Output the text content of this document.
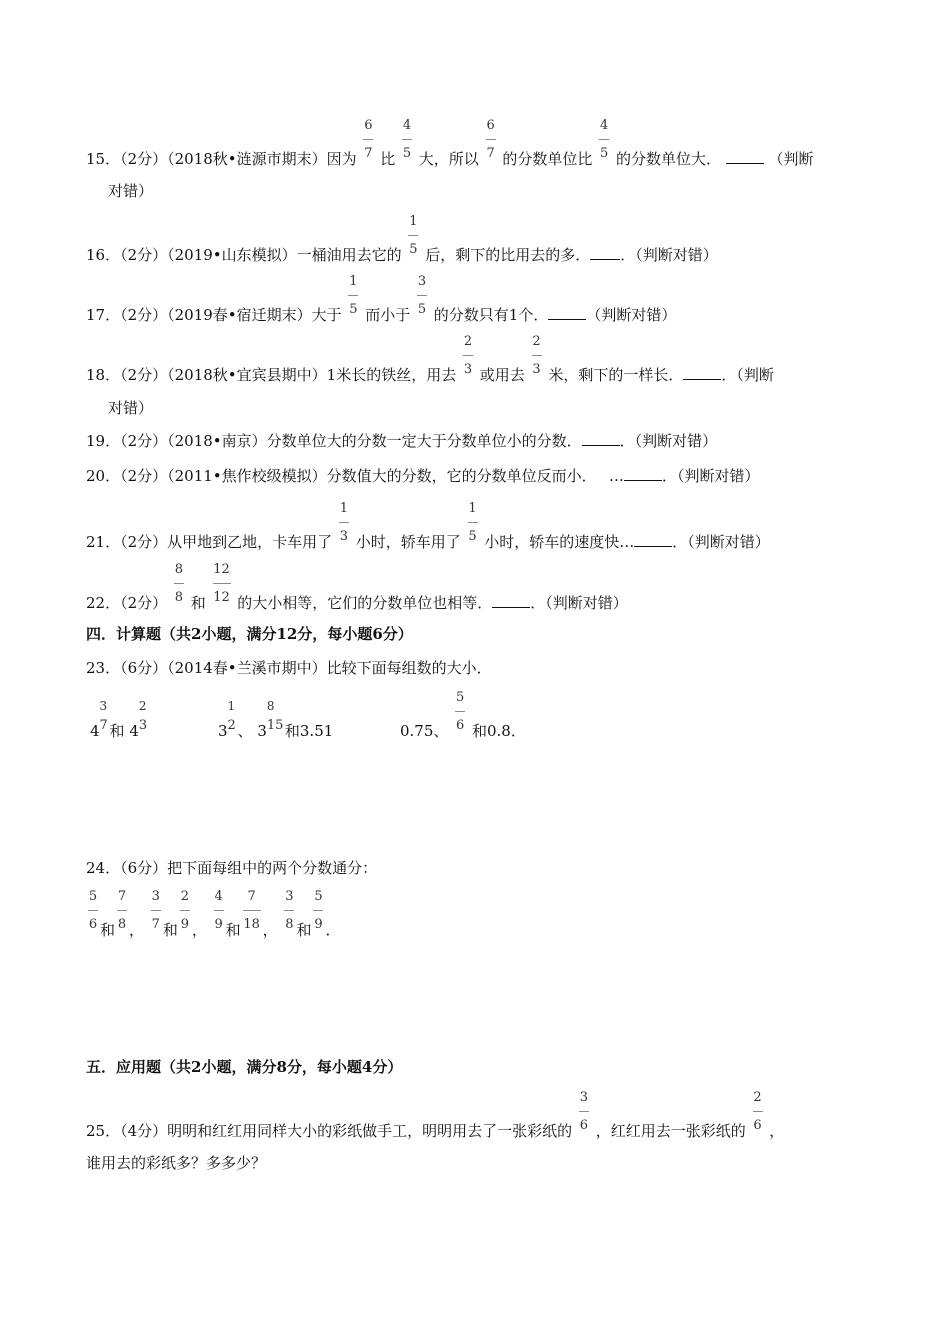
15．（2分）（2018秋•涟源市期末）因为 $\frac{6}{7}$ 比 $\frac{4}{5}$ 大，所以 $\frac{6}{7}$ 的分数单位比 $\frac{4}{5}$ 的分数单位大．	（判断
对错）
16．（2分）（2019•山东模拟）一桶油用去它的 $\frac{1}{5}$ 后，剩下的比用去的多． ．（判断对错）
17．（2分）（2019春•宿迁期末）大于 $\frac{1}{5}$ 而小于 $\frac{3}{5}$ 的分数只有1个．	（判断对错）
18．（2分）（2018秋•宜宾县期中）1米长的铁丝，用去 $\frac{2}{3}$ 或用去 $\frac{2}{3}$ 米，剩下的一样长．	．（判断
对错）
19．（2分）（2018•南京）分数单位大的分数一定大于分数单位小的分数．	．（判断对错）
20．（2分）（2011•焦作校级模拟）分数值大的分数，它的分数单位反而小．　 …	．（判断对错）
21．（2分）从甲地到乙地，卡车用了 $\frac{1}{3}$ 小时，轿车用了 $\frac{1}{5}$ 小时，轿车的速度快…	．（判断对错）
22．（2分） $\frac{8}{8}$ 和 $\frac{12}{12}$ 的大小相等，它们的分数单位也相等．	．（判断对错）
四．计算题（共2小题，满分12分，每小题6分）
23．（6分）（2014春•兰溪市期中）比较下面每组数的大小．
4
3
7 和 4
2
3	3
1
2 、 3
8
15 和3.51	0.75、 $\frac{5}{6}$ 和0.8．
24．（6分）把下面每组中的两个分数通分：
$\frac{5}{6}$ 和 $\frac{7}{8}$ ， $\frac{3}{7}$ 和 $\frac{2}{9}$ ， $\frac{4}{9}$ 和 $\frac{7}{18}$ ， $\frac{3}{8}$ 和 $\frac{5}{9}$ ．
五．应用题（共2小题，满分8分，每小题4分）
25．（4分）明明和红红用同样大小的彩纸做手工，明明用去了一张彩纸的 $\frac{3}{6}$ ，红红用去一张彩纸的 $\frac{2}{6}$ ，
谁用去的彩纸多？多多少？
